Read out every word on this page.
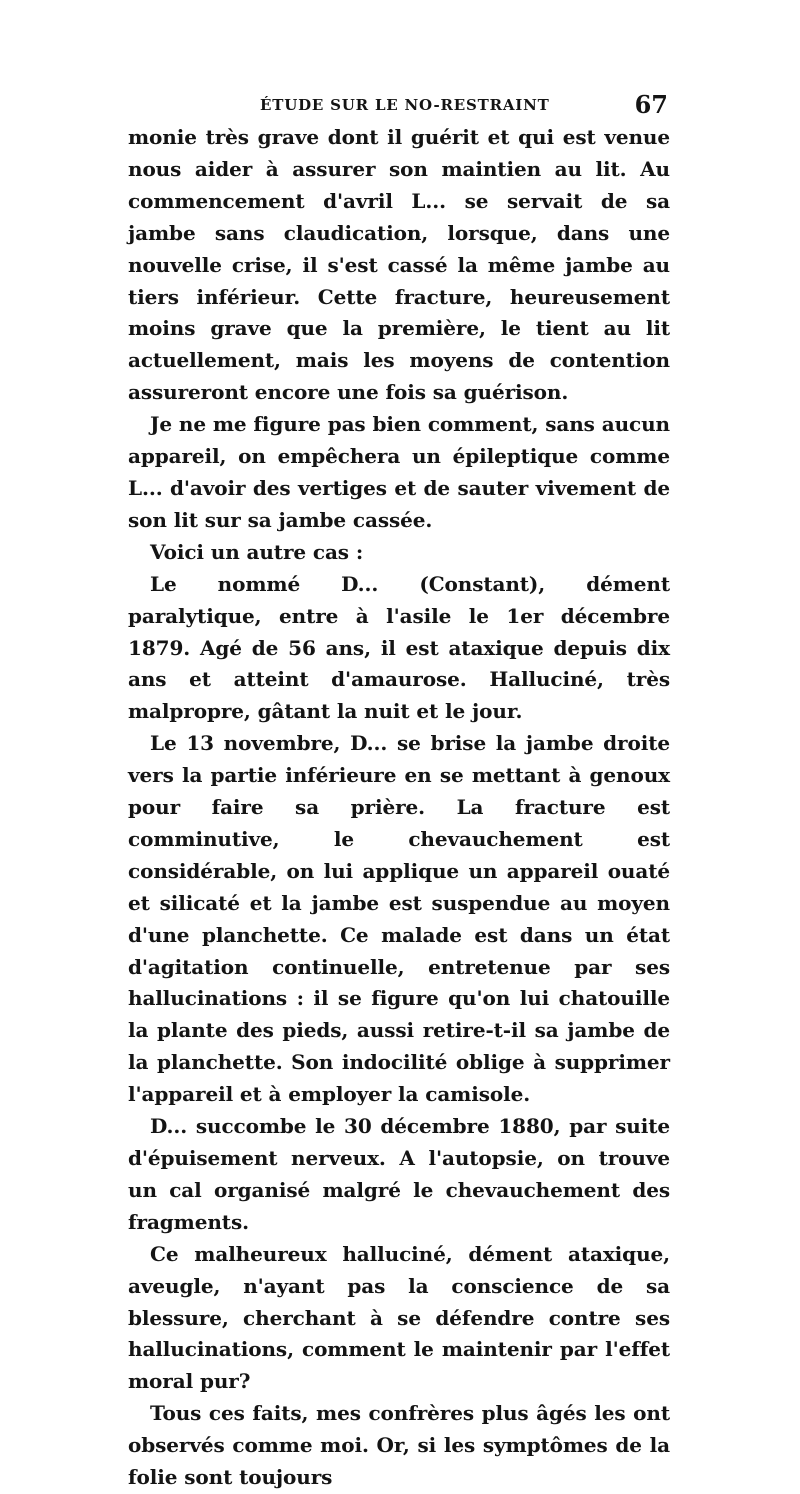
ÉTUDE SUR LE NO-RESTRAINT	67

monie très grave dont il guérit et qui est venue nous aider à assurer son maintien au lit. Au commencement d'avril L... se servait de sa jambe sans claudication, lorsque, dans une nouvelle crise, il s'est cassé la même jambe au tiers inférieur. Cette fracture, heureusement moins grave que la première, le tient au lit actuellement, mais les moyens de contention assureront encore une fois sa guérison.

Je ne me figure pas bien comment, sans aucun appareil, on empêchera un épileptique comme L... d'avoir des vertiges et de sauter vivement de son lit sur sa jambe cassée.

Voici un autre cas :

Le nommé D... (Constant), dément paralytique, entre à l'asile le 1er décembre 1879. Agé de 56 ans, il est ataxique depuis dix ans et atteint d'amaurose. Halluciné, très malpropre, gâtant la nuit et le jour.

Le 13 novembre, D... se brise la jambe droite vers la partie inférieure en se mettant à genoux pour faire sa prière. La fracture est comminutive, le chevauchement est considérable, on lui applique un appareil ouaté et silicaté et la jambe est suspendue au moyen d'une planchette. Ce malade est dans un état d'agitation continuelle, entretenue par ses hallucinations : il se figure qu'on lui chatouille la plante des pieds, aussi retire-t-il sa jambe de la planchette. Son indocilité oblige à supprimer l'appareil et à employer la camisole.

D... succombe le 30 décembre 1880, par suite d'épuisement nerveux. A l'autopsie, on trouve un cal organisé malgré le chevauchement des fragments.

Ce malheureux halluciné, dément ataxique, aveugle, n'ayant pas la conscience de sa blessure, cherchant à se défendre contre ses hallucinations, comment le maintenir par l'effet moral pur?

Tous ces faits, mes confrères plus âgés les ont observés comme moi. Or, si les symptômes de la folie sont toujours
